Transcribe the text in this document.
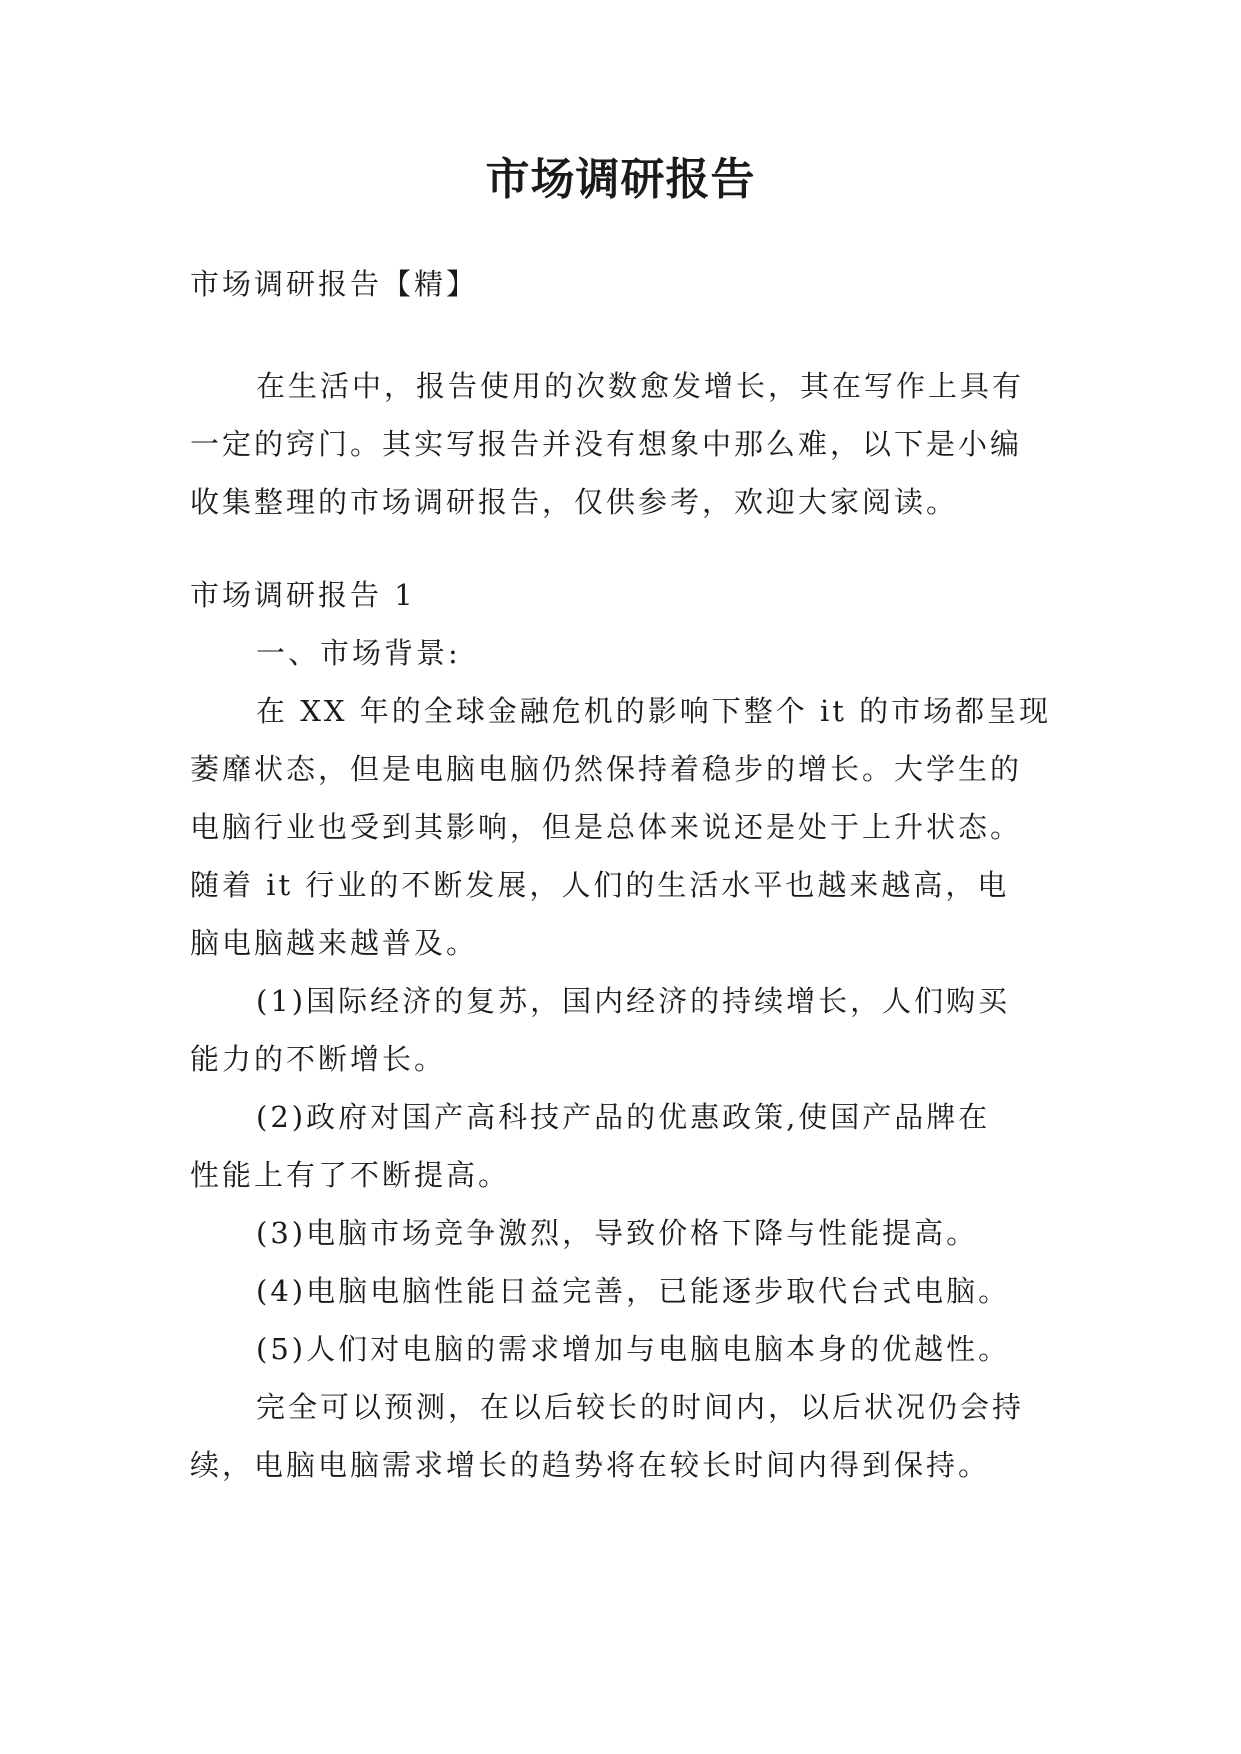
市场调研报告
市场调研报告【精】
在生活中，报告使用的次数愈发增长，其在写作上具有
一定的窍门。其实写报告并没有想象中那么难，以下是小编
收集整理的市场调研报告，仅供参考，欢迎大家阅读。
市场调研报告 1
一、市场背景:
在 XX 年的全球金融危机的影响下整个 it 的市场都呈现
萎靡状态，但是电脑电脑仍然保持着稳步的增长。大学生的
电脑行业也受到其影响，但是总体来说还是处于上升状态。
随着 it 行业的不断发展，人们的生活水平也越来越高，电
脑电脑越来越普及。
(1)国际经济的复苏，国内经济的持续增长，人们购买
能力的不断增长。
(2)政府对国产高科技产品的优惠政策,使国产品牌在
性能上有了不断提高。
(3)电脑市场竞争激烈，导致价格下降与性能提高。
(4)电脑电脑性能日益完善，已能逐步取代台式电脑。
(5)人们对电脑的需求增加与电脑电脑本身的优越性。
完全可以预测，在以后较长的时间内，以后状况仍会持
续，电脑电脑需求增长的趋势将在较长时间内得到保持。
